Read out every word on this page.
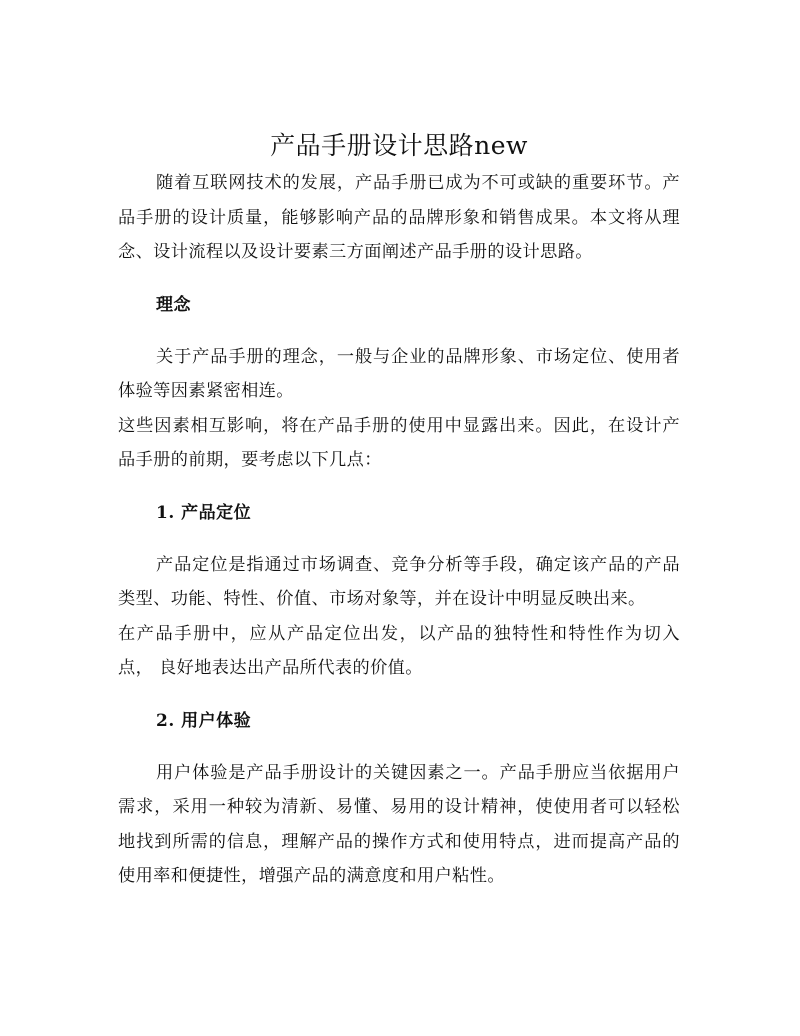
产品手册设计思路new

随着互联网技术的发展，产品手册已成为不可或缺的重要环节。产品手册的设计质量，能够影响产品的品牌形象和销售成果。本文将从理念、设计流程以及设计要素三方面阐述产品手册的设计思路。

理念

关于产品手册的理念，一般与企业的品牌形象、市场定位、使用者体验等因素紧密相连。

这些因素相互影响，将在产品手册的使用中显露出来。因此，在设计产品手册的前期，要考虑以下几点：

1. 产品定位

产品定位是指通过市场调查、竞争分析等手段，确定该产品的产品类型、功能、特性、价值、市场对象等，并在设计中明显反映出来。

在产品手册中，应从产品定位出发，以产品的独特性和特性作为切入点， 良好地表达出产品所代表的价值。

2. 用户体验

用户体验是产品手册设计的关键因素之一。产品手册应当依据用户需求，采用一种较为清新、易懂、易用的设计精神，使使用者可以轻松地找到所需的信息，理解产品的操作方式和使用特点，进而提高产品的使用率和便捷性，增强产品的满意度和用户粘性。
